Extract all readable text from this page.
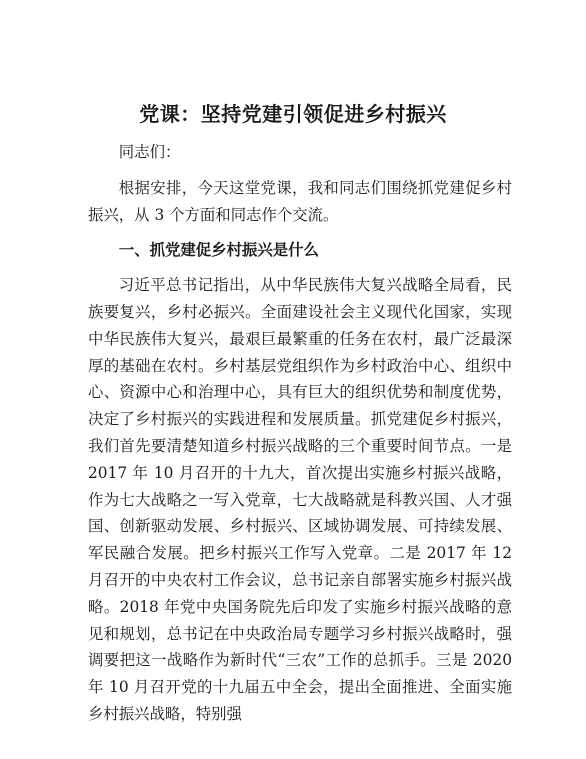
党课：坚持党建引领促进乡村振兴

同志们：

根据安排，今天这堂党课，我和同志们围绕抓党建促乡村振兴，从 3 个方面和同志作个交流。

一、抓党建促乡村振兴是什么

习近平总书记指出，从中华民族伟大复兴战略全局看，民族要复兴，乡村必振兴。全面建设社会主义现代化国家，实现中华民族伟大复兴，最艰巨最繁重的任务在农村，最广泛最深厚的基础在农村。乡村基层党组织作为乡村政治中心、组织中心、资源中心和治理中心，具有巨大的组织优势和制度优势，决定了乡村振兴的实践进程和发展质量。抓党建促乡村振兴，我们首先要清楚知道乡村振兴战略的三个重要时间节点。一是 2017 年 10 月召开的十九大，首次提出实施乡村振兴战略，作为七大战略之一写入党章，七大战略就是科教兴国、人才强国、创新驱动发展、乡村振兴、区域协调发展、可持续发展、军民融合发展。把乡村振兴工作写入党章。二是 2017 年 12 月召开的中央农村工作会议，总书记亲自部署实施乡村振兴战略。2018 年党中央国务院先后印发了实施乡村振兴战略的意见和规划，总书记在中央政治局专题学习乡村振兴战略时，强调要把这一战略作为新时代“三农”工作的总抓手。三是 2020 年 10 月召开党的十九届五中全会，提出全面推进、全面实施乡村振兴战略，特别强
